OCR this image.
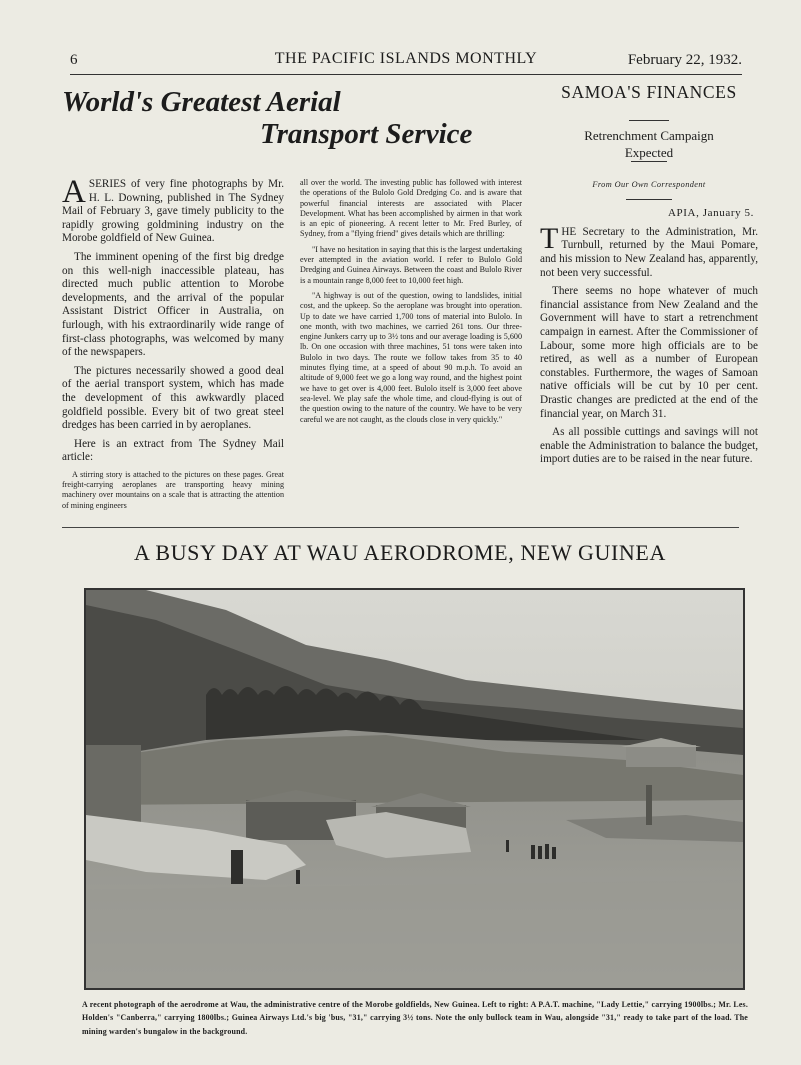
6	THE PACIFIC ISLANDS MONTHLY	February 22, 1932.
World's Greatest Aerial
Transport Service

ASERIES of very fine photographs by Mr. H. L. Downing, published in The Sydney Mail of February 3, gave timely publicity to the rapidly growing goldmining industry on the Morobe goldfield of New Guinea.

The imminent opening of the first big dredge on this well-nigh inaccessible plateau, has directed much public attention to Morobe developments, and the arrival of the popular Assistant District Officer in Australia, on furlough, with his extraordinarily wide range of first-class photographs, was welcomed by many of the newspapers.

The pictures necessarily showed a good deal of the aerial transport system, which has made the development of this awkwardly placed goldfield possible. Every bit of two great steel dredges has been carried in by aeroplanes.

Here is an extract from The Sydney Mail article:

A stirring story is attached to the pictures on these pages. Great freight-carrying aeroplanes are transporting heavy mining machinery over mountains on a scale that is attracting the attention of mining engineers

all over the world. The investing public has followed with interest the operations of the Bulolo Gold Dredging Co. and is aware that powerful financial interests are associated with Placer Development. What has been accomplished by airmen in that work is an epic of pioneering. A recent letter to Mr. Fred Burley, of Sydney, from a "flying friend" gives details which are thrilling:

"I have no hesitation in saying that this is the largest undertaking ever attempted in the aviation world. I refer to Bulolo Gold Dredging and Guinea Airways. Between the coast and Bulolo River is a mountain range 8,000 feet to 10,000 feet high.

"A highway is out of the question, owing to landslides, initial cost, and the upkeep. So the aeroplane was brought into operation. Up to date we have carried 1,700 tons of material into Bulolo. In one month, with two machines, we carried 261 tons. Our three-engine Junkers carry up to 3½ tons and our average loading is 5,600 lb. On one occasion with three machines, 51 tons were taken into Bulolo in two days. The route we follow takes from 35 to 40 minutes flying time, at a speed of about 90 m.p.h. To avoid an altitude of 9,000 feet we go a long way round, and the highest point we have to get over is 4,000 feet. Bulolo itself is 3,000 feet above sea-level. We play safe the whole time, and cloud-flying is out of the question owing to the nature of the country. We have to be very careful we are not caught, as the clouds close in very quickly."

SAMOA'S FINANCES
Retrenchment Campaign
Expected
From Our Own Correspondent
APIA, January 5.

THE Secretary to the Administration, Mr. Turnbull, returned by the Maui Pomare, and his mission to New Zealand has, apparently, not been very successful.

There seems no hope whatever of much financial assistance from New Zealand and the Government will have to start a retrenchment campaign in earnest. After the Commissioner of Labour, some more high officials are to be retired, as well as a number of European constables. Furthermore, the wages of Samoan native officials will be cut by 10 per cent. Drastic changes are predicted at the end of the financial year, on March 31.

As all possible cuttings and savings will not enable the Administration to balance the budget, import duties are to be raised in the near future.

A BUSY DAY AT WAU AERODROME, NEW GUINEA
A recent photograph of the aerodrome at Wau, the administrative centre of the Morobe goldfields, New Guinea. Left to right: A P.A.T. machine, "Lady Lettie," carrying 1900lbs.; Mr. Les. Holden's "Canberra," carrying 1800lbs.; Guinea Airways Ltd.'s big 'bus, "31," carrying 3½ tons. Note the only bullock team in Wau, alongside "31," ready to take part of the load. The mining warden's bungalow in the background.
